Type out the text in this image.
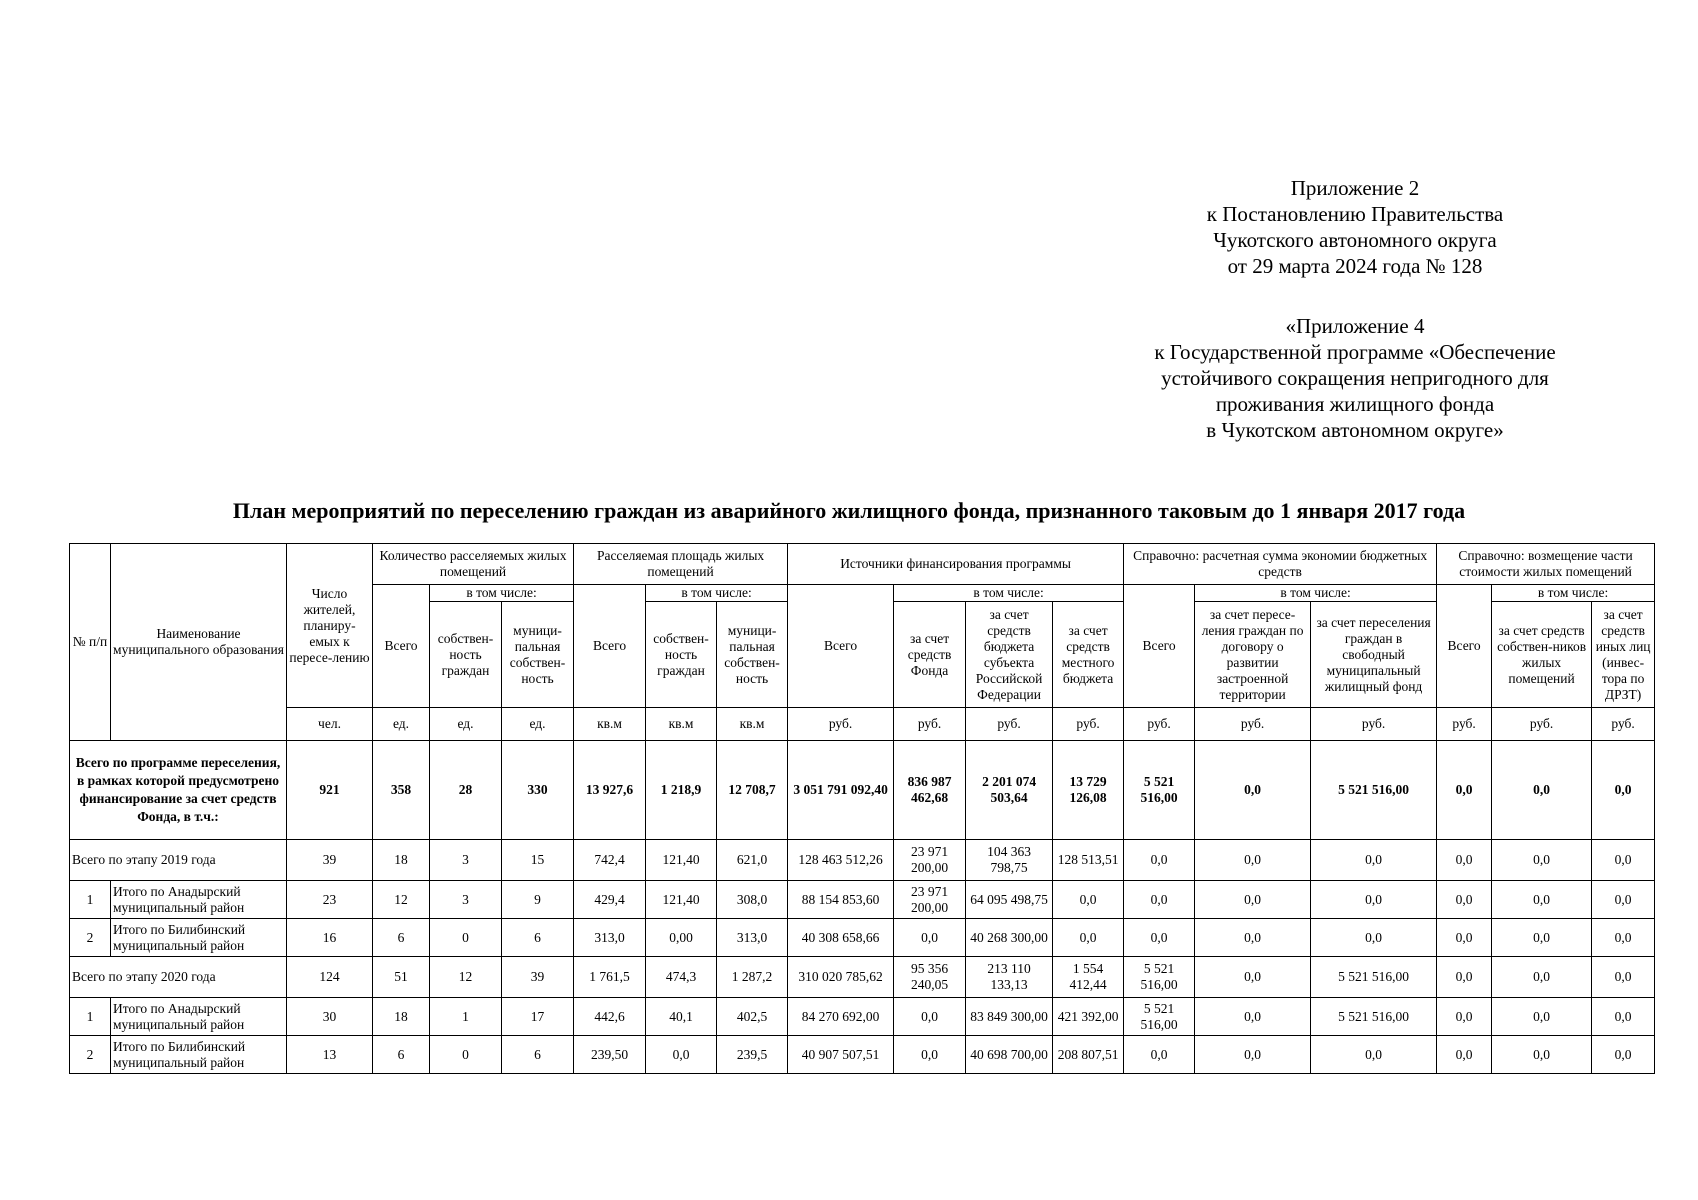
Приложение 2
к Постановлению Правительства
Чукотского автономного округа
от 29 марта 2024 года № 128
«Приложение 4
к Государственной программе «Обеспечение
устойчивого сокращения непригодного для
проживания жилищного фонда
в Чукотском автономном округе»
План мероприятий по переселению граждан из аварийного жилищного фонда, признанного таковым до 1 января 2017 года
№ п/п	Наименование муниципального образования	Число жителей, планиру-емых к пересе-лению	Количество расселяемых жилых помещений			Расселяемая площадь жилых помещений			Источники финансирования программы				Справочно: расчетная сумма экономии бюджетных средств			Справочно: возмещение части стоимости жилых помещений		
			Всего	в том числе:		Всего	в том числе:		Всего	в том числе:			Всего	в том числе:		Всего	в том числе:	
				собствен-ность граждан	муници-пальная собствен-ность		собствен-ность граждан	муници-пальная собствен-ность		за счет средств Фонда	за счет средств бюджета субъекта Российской Федерации	за счет средств местного бюджета		за счет пересе-ления граждан по договору о развитии застроенной территории	за счет переселения граждан в свободный муниципальный жилищный фонд		за счет средств собствен-ников жилых помещений	за счет средств иных лиц (инвес-тора по ДРЗТ)
		чел.	ед.	ед.	ед.	кв.м	кв.м	кв.м	руб.	руб.	руб.	руб.	руб.	руб.	руб.	руб.	руб.	руб.
Всего по программе переселения, в рамках которой предусмотрено финансирование за счет средств Фонда, в т.ч.:		921	358	28	330	13 927,6	1 218,9	12 708,7	3 051 791 092,40	836 987 462,68	2 201 074 503,64	13 729 126,08	5 521 516,00	0,0	5 521 516,00	0,0	0,0	0,0
Всего по этапу 2019 года		39	18	3	15	742,4	121,40	621,0	128 463 512,26	23 971 200,00	104 363 798,75	128 513,51	0,0	0,0	0,0	0,0	0,0	0,0
1	Итого по Анадырский муниципальный район	23	12	3	9	429,4	121,40	308,0	88 154 853,60	23 971 200,00	64 095 498,75	0,0	0,0	0,0	0,0	0,0	0,0	0,0
2	Итого по Билибинский муниципальный район	16	6	0	6	313,0	0,00	313,0	40 308 658,66	0,0	40 268 300,00	0,0	0,0	0,0	0,0	0,0	0,0	0,0
Всего по этапу 2020 года		124	51	12	39	1 761,5	474,3	1 287,2	310 020 785,62	95 356 240,05	213 110 133,13	1 554 412,44	5 521 516,00	0,0	5 521 516,00	0,0	0,0	0,0
1	Итого по Анадырский муниципальный район	30	18	1	17	442,6	40,1	402,5	84 270 692,00	0,0	83 849 300,00	421 392,00	5 521 516,00	0,0	5 521 516,00	0,0	0,0	0,0
2	Итого по Билибинский муниципальный район	13	6	0	6	239,50	0,0	239,5	40 907 507,51	0,0	40 698 700,00	208 807,51	0,0	0,0	0,0	0,0	0,0	0,0
